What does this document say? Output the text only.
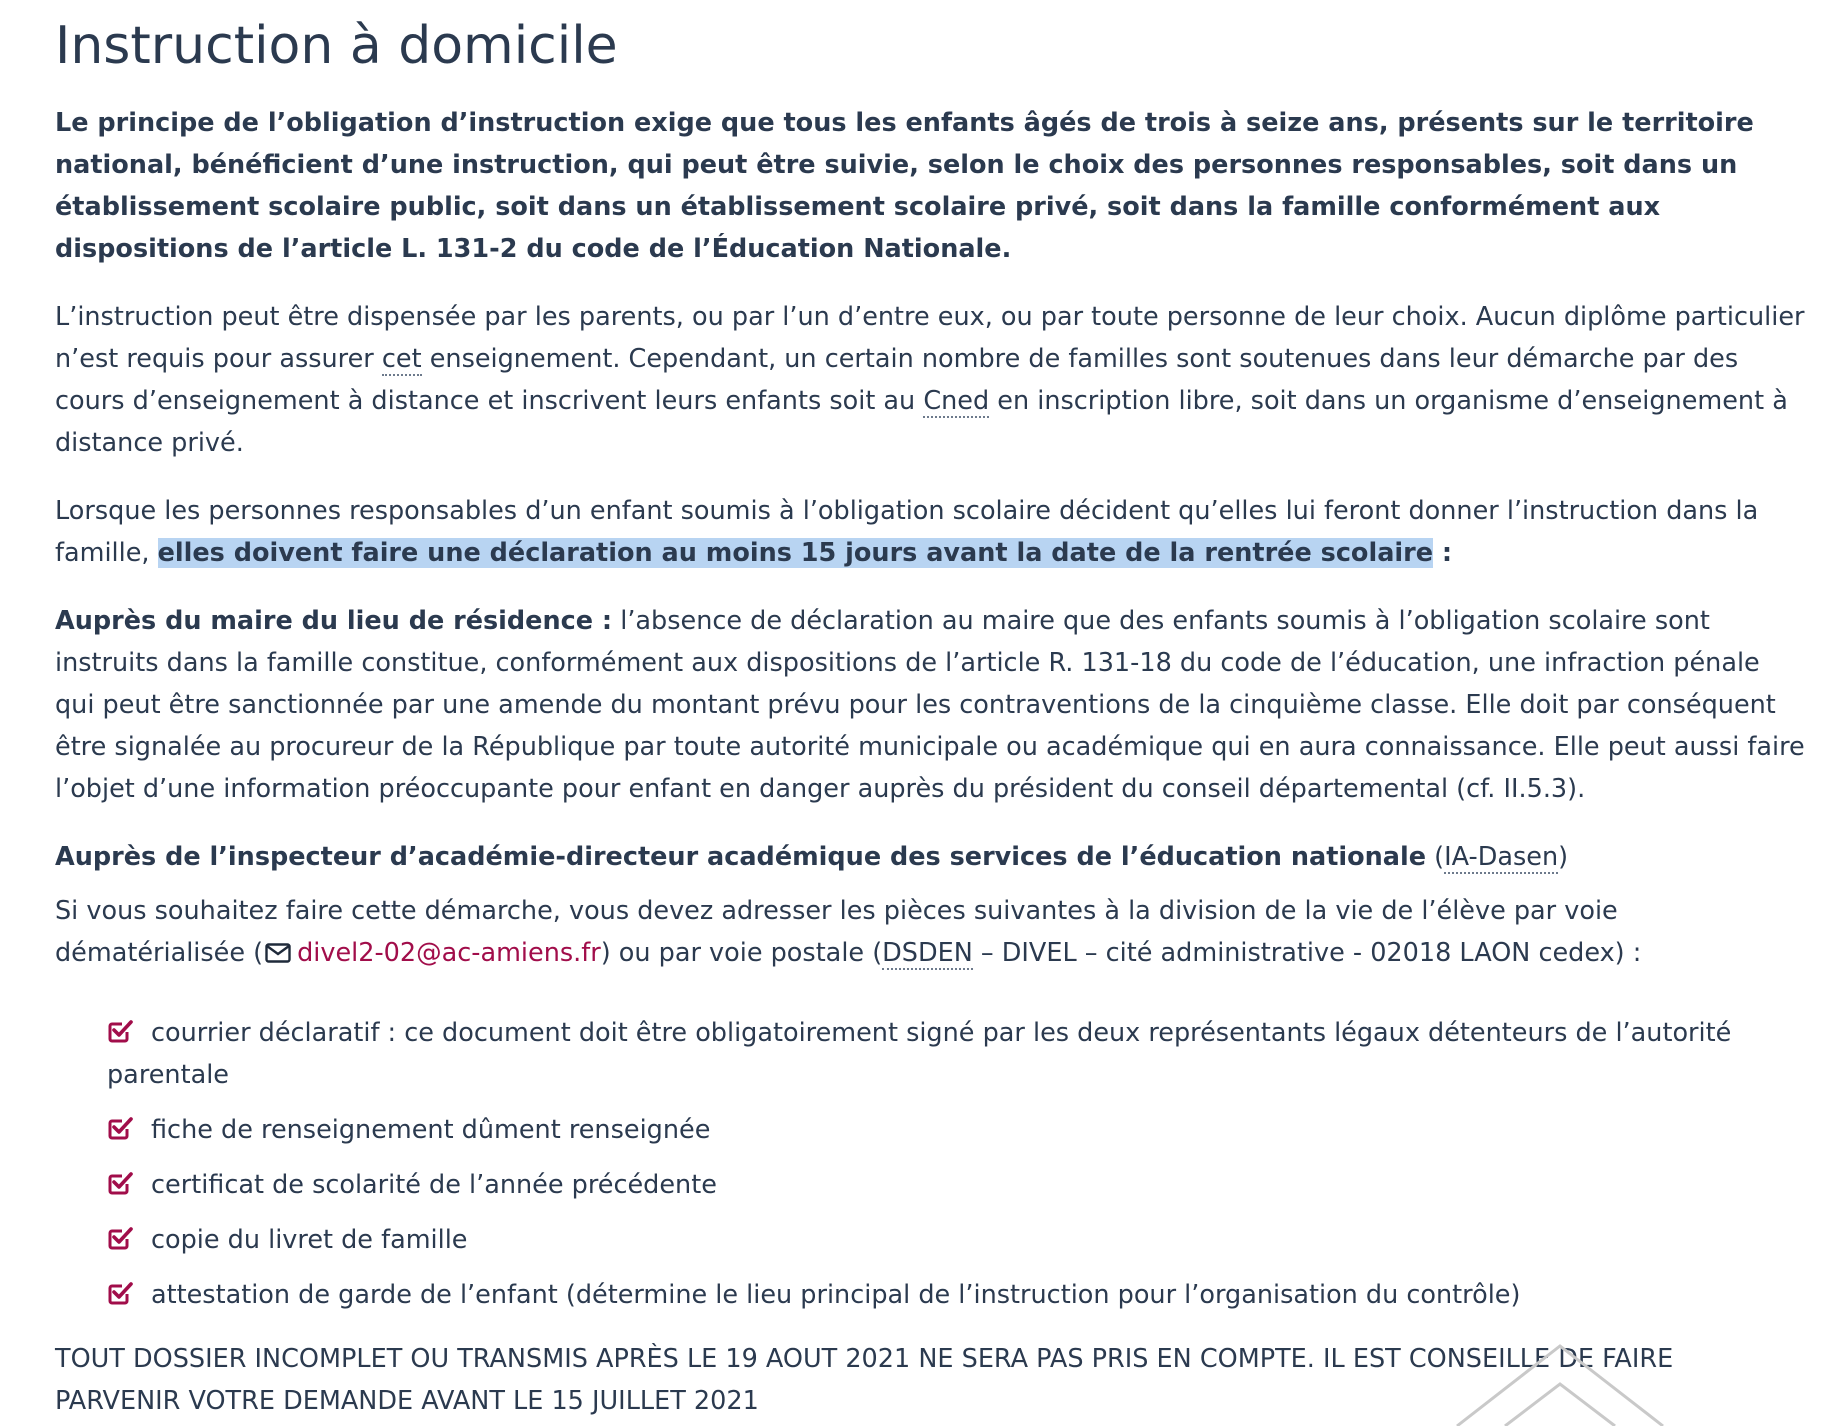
Instruction à domicile

Le principe de l’obligation d’instruction exige que tous les enfants âgés de trois à seize ans, présents sur le territoire national, bénéficient d’une instruction, qui peut être suivie, selon le choix des personnes responsables, soit dans un établissement scolaire public, soit dans un établissement scolaire privé, soit dans la famille conformément aux dispositions de l’article L. 131-2 du code de l’Éducation Nationale.

L’instruction peut être dispensée par les parents, ou par l’un d’entre eux, ou par toute personne de leur choix. Aucun diplôme particulier n’est requis pour assurer cet enseignement. Cependant, un certain nombre de familles sont soutenues dans leur démarche par des cours d’enseignement à distance et inscrivent leurs enfants soit au Cned en inscription libre, soit dans un organisme d’enseignement à distance privé.

Lorsque les personnes responsables d’un enfant soumis à l’obligation scolaire décident qu’elles lui feront donner l’instruction dans la famille, elles doivent faire une déclaration au moins 15 jours avant la date de la rentrée scolaire :

Auprès du maire du lieu de résidence : l’absence de déclaration au maire que des enfants soumis à l’obligation scolaire sont instruits dans la famille constitue, conformément aux dispositions de l’article R. 131-18 du code de l’éducation, une infraction pénale qui peut être sanctionnée par une amende du montant prévu pour les contraventions de la cinquième classe. Elle doit par conséquent être signalée au procureur de la République par toute autorité municipale ou académique qui en aura connaissance. Elle peut aussi faire l’objet d’une information préoccupante pour enfant en danger auprès du président du conseil départemental (cf. II.5.3).

Auprès de l’inspecteur d’académie-directeur académique des services de l’éducation nationale (IA-Dasen)

Si vous souhaitez faire cette démarche, vous devez adresser les pièces suivantes à la division de la vie de l’élève par voie dématérialisée ( divel2-02@ac-amiens.fr) ou par voie postale (DSDEN – DIVEL – cité administrative - 02018 LAON cedex) :

courrier déclaratif : ce document doit être obligatoirement signé par les deux représentants légaux détenteurs de l’autorité parentale
fiche de renseignement dûment renseignée
certificat de scolarité de l’année précédente
copie du livret de famille
attestation de garde de l’enfant (détermine le lieu principal de l’instruction pour l’organisation du contrôle)

TOUT DOSSIER INCOMPLET OU TRANSMIS APRÈS LE 19 AOUT 2021 NE SERA PAS PRIS EN COMPTE. IL EST CONSEILLE DE FAIRE PARVENIR VOTRE DEMANDE AVANT LE 15 JUILLET 2021
